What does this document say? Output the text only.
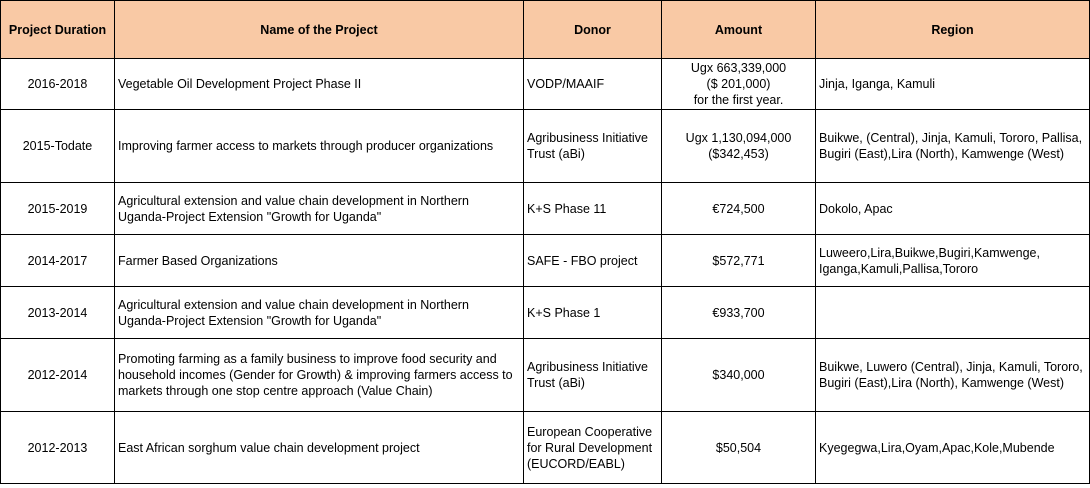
Project Duration	Name of the Project	Donor	Amount	Region
2016-2018	Vegetable Oil Development Project Phase II	VODP/MAAIF	Ugx 663,339,000
($ 201,000)
for the first year.	Jinja, Iganga, Kamuli
2015-Todate	Improving farmer access to markets through producer organizations	Agribusiness Initiative Trust (aBi)	Ugx 1,130,094,000
($342,453)	Buikwe, (Central), Jinja, Kamuli, Tororo, Pallisa, Bugiri (East),Lira (North), Kamwenge (West)
2015-2019	Agricultural extension and value chain development in Northern Uganda-Project Extension "Growth for Uganda"	K+S Phase 11	€724,500	Dokolo, Apac
2014-2017	Farmer Based Organizations	SAFE - FBO project	$572,771	Luweero,Lira,Buikwe,Bugiri,Kamwenge, Iganga,Kamuli,Pallisa,Tororo
2013-2014	Agricultural extension and value chain development in Northern Uganda-Project Extension "Growth for Uganda"	K+S Phase 1	€933,700	
2012-2014	Promoting farming as a family business to improve food security and household incomes (Gender for Growth) & improving farmers access to markets through one stop centre approach (Value Chain)	Agribusiness Initiative Trust (aBi)	$340,000	Buikwe, Luwero (Central), Jinja, Kamuli, Tororo, Bugiri (East),Lira (North), Kamwenge (West)
2012-2013	East African sorghum value chain development project	European Cooperative for Rural Development (EUCORD/EABL)	$50,504	Kyegegwa,Lira,Oyam,Apac,Kole,Mubende
